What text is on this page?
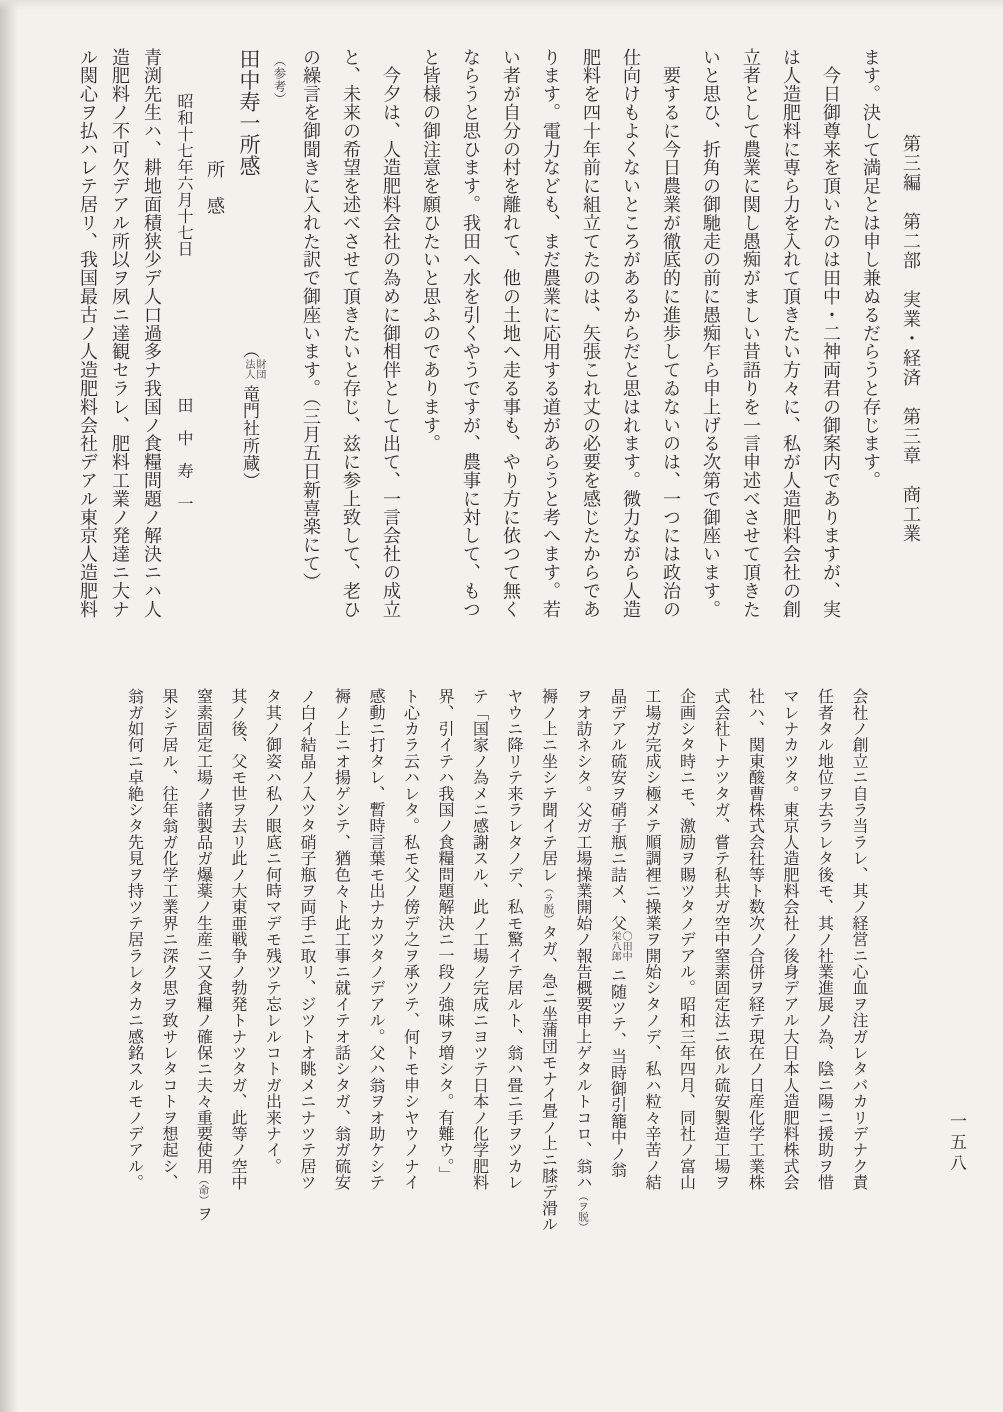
第三編　第二部　実業・経済　第三章　商工業
ます。決して満足とは申し兼ぬるだらうと存じます。
　今日御尊来を頂いたのは田中・二神両君の御案内でありますが、実
は人造肥料に専ら力を入れて頂きたい方々に、私が人造肥料会社の創
立者として農業に関し愚痴がましい昔語りを一言申述べさせて頂きた
いと思ひ、折角の御馳走の前に愚痴乍ら申上げる次第で御座います。
　要するに今日農業が徹底的に進歩してゐないのは、一つには政治の
仕向けもよくないところがあるからだと思はれます。微力ながら人造
肥料を四十年前に組立てたのは、矢張これ丈の必要を感じたからであ
ります。電力なども、まだ農業に応用する道があらうと考へます。若
い者が自分の村を離れて、他の土地へ走る事も、やり方に依つて無く
ならうと思ひます。我田へ水を引くやうですが、農事に対して、もつ
と皆様の御注意を願ひたいと思ふのであります。
　今夕は、人造肥料会社の為めに御相伴として出て、一言会社の成立
と、未来の希望を述べさせて頂きたいと存じ、兹に参上致して、老ひ
の繰言を御聞きに入れた訳で御座います。（三月五日新喜楽にて）
（参考）
田中寿一所感（財団法人竜門社所蔵）
所　感
昭和十七年六月十七日田　中　寿　一
青渕先生ハ、耕地面積狭少デ人口過多ナ我国ノ食糧問題ノ解決ニハ人
造肥料ノ不可欠デアル所以ヲ夙ニ達観セラレ、肥料工業ノ発達ニ大ナ
ル関心ヲ払ハレテ居リ、我国最古ノ人造肥料会社デアル東京人造肥料
会社ノ創立ニ自ラ当ラレ、其ノ経営ニ心血ヲ注ガレタバカリデナク責
任者タル地位ヲ去ラレタ後モ、其ノ社業進展ノ為、陰ニ陽ニ援助ヲ惜
マレナカツタ。東京人造肥料会社ノ後身デアル大日本人造肥料株式会
社ハ、関東酸曹株式会社等ト数次ノ合併ヲ経テ現在ノ日産化学工業株
式会社トナツタガ、嘗テ私共ガ空中窒素固定法ニ依ル硫安製造工場ヲ
企画シタ時ニモ、激励ヲ賜ツタノデアル。昭和三年四月、同社ノ富山
工場ガ完成シ極メテ順調裡ニ操業ヲ開始シタノデ、私ハ粒々辛苦ノ結
晶デアル硫安ヲ硝子瓶ニ詰メ、父〇田中栄八郎ニ随ツテ、当時御引籠中ノ翁
ヲオ訪ネシタ。父ガ工場操業開始ノ報告概要申上ゲタルトコロ、翁ハ（ヲ脱）
褥ノ上ニ坐シテ聞イテ居レ（ラ脱）タガ、急ニ坐蒲団モナイ畳ノ上ニ膝デ滑ル
ヤウニ降リテ来ラレタノデ、私モ驚イテ居ルト、翁ハ畳ニ手ヲツカレ
テ「国家ノ為メニ感謝スル、此ノ工場ノ完成ニヨツテ日本ノ化学肥料
界、引イテハ我国ノ食糧問題解決ニ一段ノ強味ヲ増シタ。有難ウ。」
ト心カラ云ハレタ。私モ父ノ傍デ之ヲ承ツテ、何トモ申シヤウノナイ
感動ニ打タレ、暫時言葉モ出ナカツタノデアル。父ハ翁ヲオ助ケシテ
褥ノ上ニオ揚ゲシテ、猶色々ト此工事ニ就イテオ話シタガ、翁ガ硫安
ノ白イ結晶ノ入ツタ硝子瓶ヲ両手ニ取リ、ジツトオ眺メニナツテ居ツ
タ其ノ御姿ハ私ノ眼底ニ何時マデモ残ツテ忘レルコトガ出来ナイ。
其ノ後、父モ世ヲ去リ此ノ大東亜戦争ノ勃発トナツタガ、此等ノ空中
窒素固定工場ノ諸製品ガ爆薬ノ生産ニ又食糧ノ確保ニ夫々重要使用（命）ヲ
果シテ居ル、往年翁ガ化学工業界ニ深ク思ヲ致サレタコトヲ想起シ、
翁ガ如何ニ卓絶シタ先見ヲ持ツテ居ラレタカニ感銘スルモノデアル。	一五八
